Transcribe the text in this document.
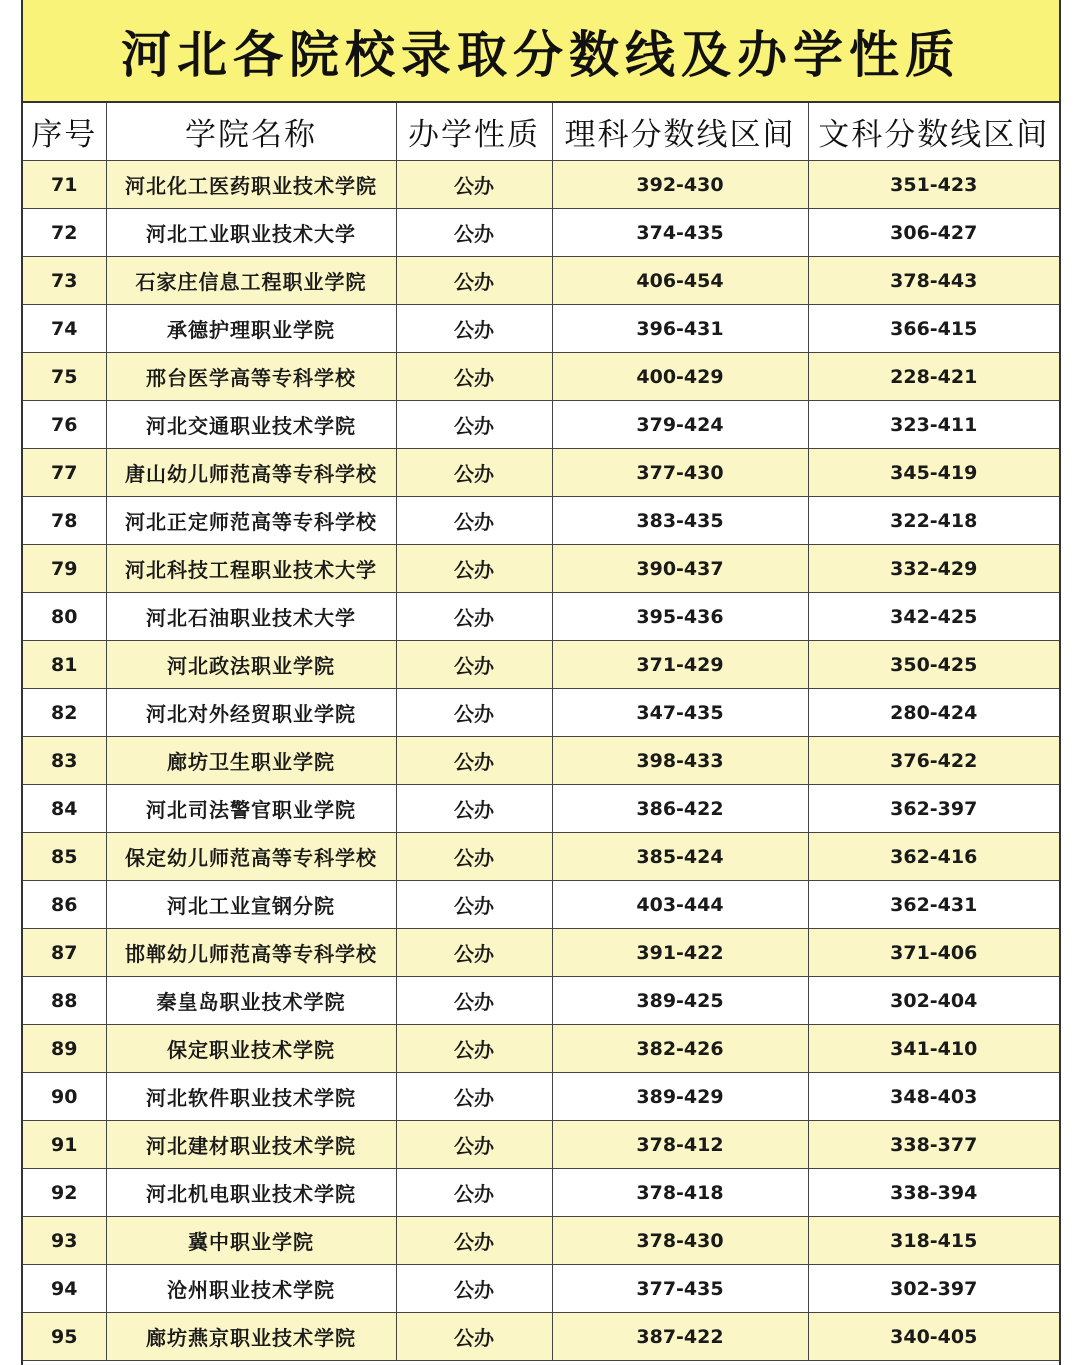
河北各院校录取分数线及办学性质
序号	学院名称	办学性质	理科分数线区间	文科分数线区间
71	河北化工医药职业技术学院	公办	392-430	351-423
72	河北工业职业技术大学	公办	374-435	306-427
73	石家庄信息工程职业学院	公办	406-454	378-443
74	承德护理职业学院	公办	396-431	366-415
75	邢台医学高等专科学校	公办	400-429	228-421
76	河北交通职业技术学院	公办	379-424	323-411
77	唐山幼儿师范高等专科学校	公办	377-430	345-419
78	河北正定师范高等专科学校	公办	383-435	322-418
79	河北科技工程职业技术大学	公办	390-437	332-429
80	河北石油职业技术大学	公办	395-436	342-425
81	河北政法职业学院	公办	371-429	350-425
82	河北对外经贸职业学院	公办	347-435	280-424
83	廊坊卫生职业学院	公办	398-433	376-422
84	河北司法警官职业学院	公办	386-422	362-397
85	保定幼儿师范高等专科学校	公办	385-424	362-416
86	河北工业宣钢分院	公办	403-444	362-431
87	邯郸幼儿师范高等专科学校	公办	391-422	371-406
88	秦皇岛职业技术学院	公办	389-425	302-404
89	保定职业技术学院	公办	382-426	341-410
90	河北软件职业技术学院	公办	389-429	348-403
91	河北建材职业技术学院	公办	378-412	338-377
92	河北机电职业技术学院	公办	378-418	338-394
93	冀中职业学院	公办	378-430	318-415
94	沧州职业技术学院	公办	377-435	302-397
95	廊坊燕京职业技术学院	公办	387-422	340-405
